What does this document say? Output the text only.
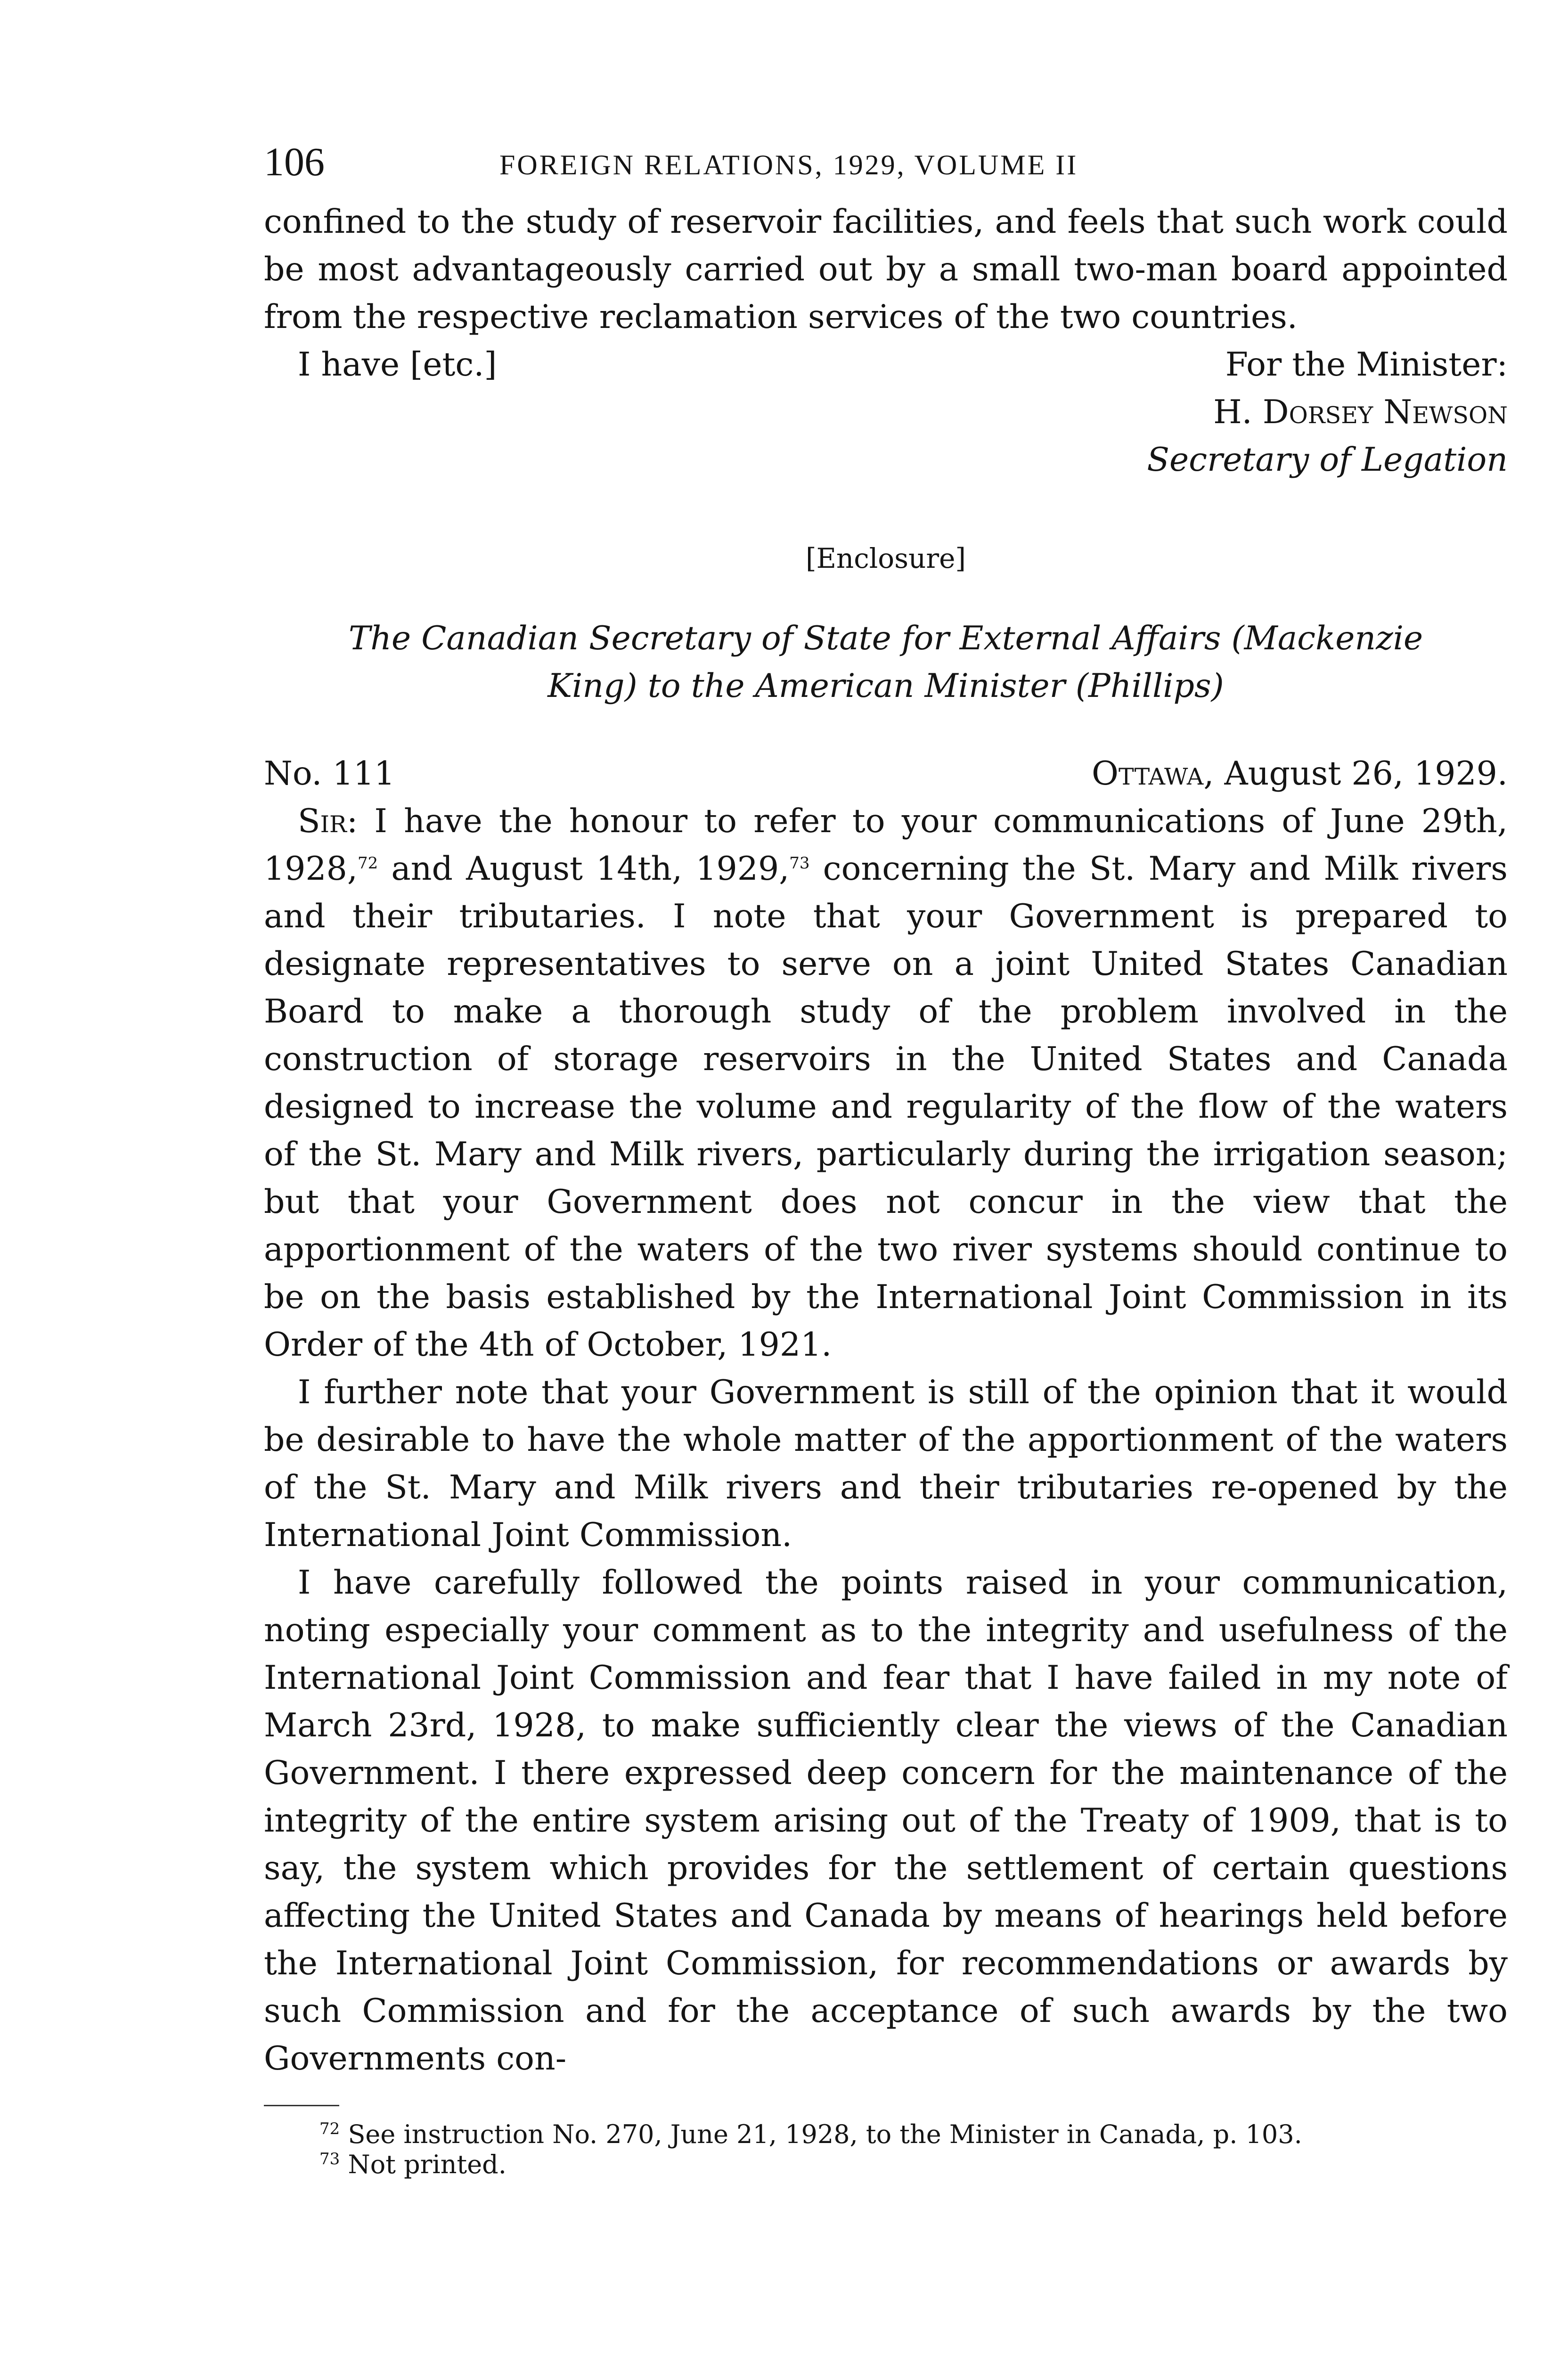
106	FOREIGN RELATIONS, 1929, VOLUME II

confined to the study of reservoir facilities, and feels that such work could be most advantageously carried out by a small two-man board appointed from the respective reclamation services of the two countries.

I have [etc.]	For the Minister:
H. Dorsey Newson
Secretary of Legation
[Enclosure]
The Canadian Secretary of State for External Affairs (Mackenzie
King) to the American Minister (Phillips)
No. 111	Ottawa, August 26, 1929.

Sir: I have the honour to refer to your communications of June 29th, 1928,72 and August 14th, 1929,73 concerning the St. Mary and Milk rivers and their tributaries. I note that your Government is prepared to designate representatives to serve on a joint United States Canadian Board to make a thorough study of the problem involved in the construction of storage reservoirs in the United States and Canada designed to increase the volume and regularity of the flow of the waters of the St. Mary and Milk rivers, particularly during the irrigation season; but that your Government does not concur in the view that the apportionment of the waters of the two river systems should continue to be on the basis established by the International Joint Commission in its Order of the 4th of October, 1921.

I further note that your Government is still of the opinion that it would be desirable to have the whole matter of the apportionment of the waters of the St. Mary and Milk rivers and their tributaries re-opened by the International Joint Commission.

I have carefully followed the points raised in your communication, noting especially your comment as to the integrity and usefulness of the International Joint Commission and fear that I have failed in my note of March 23rd, 1928, to make sufficiently clear the views of the Canadian Government. I there expressed deep concern for the maintenance of the integrity of the entire system arising out of the Treaty of 1909, that is to say, the system which provides for the settlement of certain questions affecting the United States and Canada by means of hearings held before the International Joint Commission, for recommendations or awards by such Commission and for the acceptance of such awards by the two Governments con-

$^{72}$ See instruction No. 270, June 21, 1928, to the Minister in Canada, p. 103.
$^{73}$ Not printed.
